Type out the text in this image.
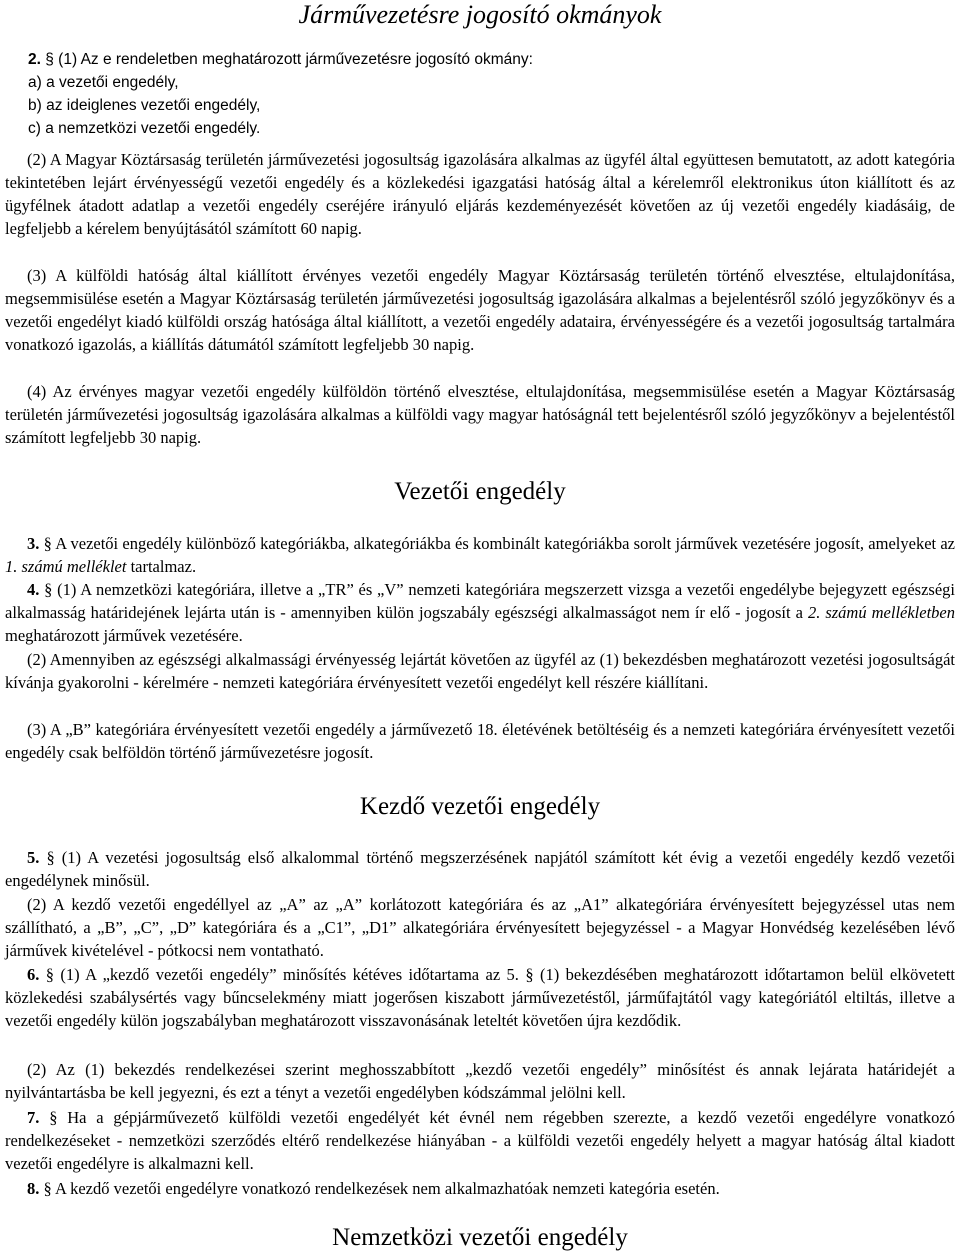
Járművezetésre jogosító okmányok
2. § (1) Az e rendeletben meghatározott járművezetésre jogosító okmány:
a) a vezetői engedély,
b) az ideiglenes vezetői engedély,
c) a nemzetközi vezetői engedély.
(2) A Magyar Köztársaság területén járművezetési jogosultság igazolására alkalmas az ügyfél által együttesen bemutatott, az adott kategória tekintetében lejárt érvényességű vezetői engedély és a közlekedési igazgatási hatóság által a kérelemről elektronikus úton kiállított és az ügyfélnek átadott adatlap a vezetői engedély cseréjére irányuló eljárás kezdeményezését követően az új vezetői engedély kiadásáig, de legfeljebb a kérelem benyújtásától számított 60 napig.
(3) A külföldi hatóság által kiállított érvényes vezetői engedély Magyar Köztársaság területén történő elvesztése, eltulajdonítása, megsemmisülése esetén a Magyar Köztársaság területén járművezetési jogosultság igazolására alkalmas a bejelentésről szóló jegyzőkönyv és a vezetői engedélyt kiadó külföldi ország hatósága által kiállított, a vezetői engedély adataira, érvényességére és a vezetői jogosultság tartalmára vonatkozó igazolás, a kiállítás dátumától számított legfeljebb 30 napig.
(4) Az érvényes magyar vezetői engedély külföldön történő elvesztése, eltulajdonítása, megsemmisülése esetén a Magyar Köztársaság területén járművezetési jogosultság igazolására alkalmas a külföldi vagy magyar hatóságnál tett bejelentésről szóló jegyzőkönyv a bejelentéstől számított legfeljebb 30 napig.
Vezetői engedély
3. § A vezetői engedély különböző kategóriákba, alkategóriákba és kombinált kategóriákba sorolt járművek vezetésére jogosít, amelyeket az 1. számú melléklet tartalmaz.
4. § (1) A nemzetközi kategóriára, illetve a „TR” és „V” nemzeti kategóriára megszerzett vizsga a vezetői engedélybe bejegyzett egészségi alkalmasság határidejének lejárta után is - amennyiben külön jogszabály egészségi alkalmasságot nem ír elő - jogosít a 2. számú mellékletben meghatározott járművek vezetésére.
(2) Amennyiben az egészségi alkalmassági érvényesség lejártát követően az ügyfél az (1) bekezdésben meghatározott vezetési jogosultságát kívánja gyakorolni - kérelmére - nemzeti kategóriára érvényesített vezetői engedélyt kell részére kiállítani.
(3) A „B” kategóriára érvényesített vezetői engedély a járművezető 18. életévének betöltéséig és a nemzeti kategóriára érvényesített vezetői engedély csak belföldön történő járművezetésre jogosít.
Kezdő vezetői engedély
5. § (1) A vezetési jogosultság első alkalommal történő megszerzésének napjától számított két évig a vezetői engedély kezdő vezetői engedélynek minősül.
(2) A kezdő vezetői engedéllyel az „A” az „A” korlátozott kategóriára és az „A1” alkategóriára érvényesített bejegyzéssel utas nem szállítható, a „B”, „C”, „D” kategóriára és a „C1”, „D1” alkategóriára érvényesített bejegyzéssel - a Magyar Honvédség kezelésében lévő járművek kivételével - pótkocsi nem vontatható.
6. § (1) A „kezdő vezetői engedély” minősítés kétéves időtartama az 5. § (1) bekezdésében meghatározott időtartamon belül elkövetett közlekedési szabálysértés vagy bűncselekmény miatt jogerősen kiszabott járművezetéstől, járműfajtától vagy kategóriától eltiltás, illetve a vezetői engedély külön jogszabályban meghatározott visszavonásának leteltét követően újra kezdődik.
(2) Az (1) bekezdés rendelkezései szerint meghosszabbított „kezdő vezetői engedély” minősítést és annak lejárata határidejét a nyilvántartásba be kell jegyezni, és ezt a tényt a vezetői engedélyben kódszámmal jelölni kell.
7. § Ha a gépjárművezető külföldi vezetői engedélyét két évnél nem régebben szerezte, a kezdő vezetői engedélyre vonatkozó rendelkezéseket - nemzetközi szerződés eltérő rendelkezése hiányában - a külföldi vezetői engedély helyett a magyar hatóság által kiadott vezetői engedélyre is alkalmazni kell.
8. § A kezdő vezetői engedélyre vonatkozó rendelkezések nem alkalmazhatóak nemzeti kategória esetén.
Nemzetközi vezetői engedély
